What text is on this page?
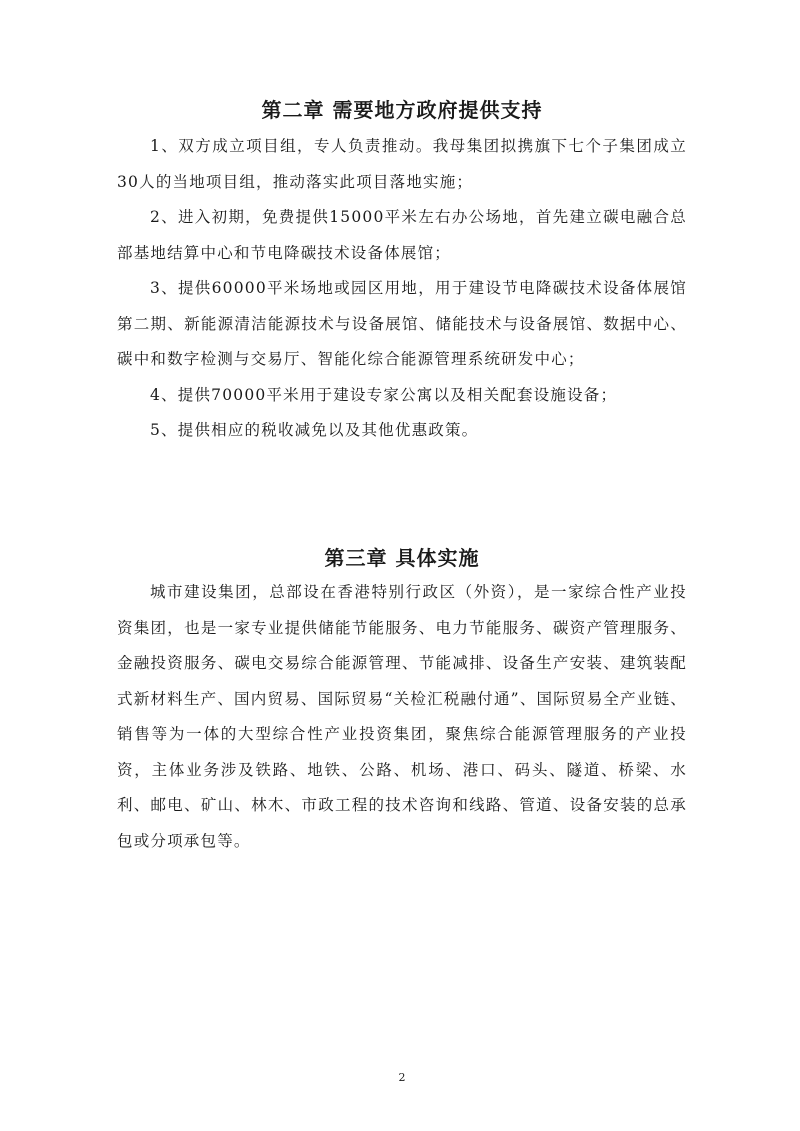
第二章 需要地方政府提供支持

1、双方成立项目组，专人负责推动。我母集团拟携旗下七个子集团成立30人的当地项目组，推动落实此项目落地实施；

2、进入初期，免费提供15000平米左右办公场地，首先建立碳电融合总部基地结算中心和节电降碳技术设备体展馆；

3、提供60000平米场地或园区用地，用于建设节电降碳技术设备体展馆第二期、新能源清洁能源技术与设备展馆、储能技术与设备展馆、数据中心、碳中和数字检测与交易厅、智能化综合能源管理系统研发中心；

4、提供70000平米用于建设专家公寓以及相关配套设施设备；

5、提供相应的税收减免以及其他优惠政策。

第三章 具体实施

城市建设集团，总部设在香港特别行政区（外资），是一家综合性产业投资集团，也是一家专业提供储能节能服务、电力节能服务、碳资产管理服务、金融投资服务、碳电交易综合能源管理、节能减排、设备生产安装、建筑装配式新材料生产、国内贸易、国际贸易“关检汇税融付通”、国际贸易全产业链、销售等为一体的大型综合性产业投资集团，聚焦综合能源管理服务的产业投资，主体业务涉及铁路、地铁、公路、机场、港口、码头、隧道、桥梁、水利、邮电、矿山、林木、市政工程的技术咨询和线路、管道、设备安装的总承包或分项承包等。

2
